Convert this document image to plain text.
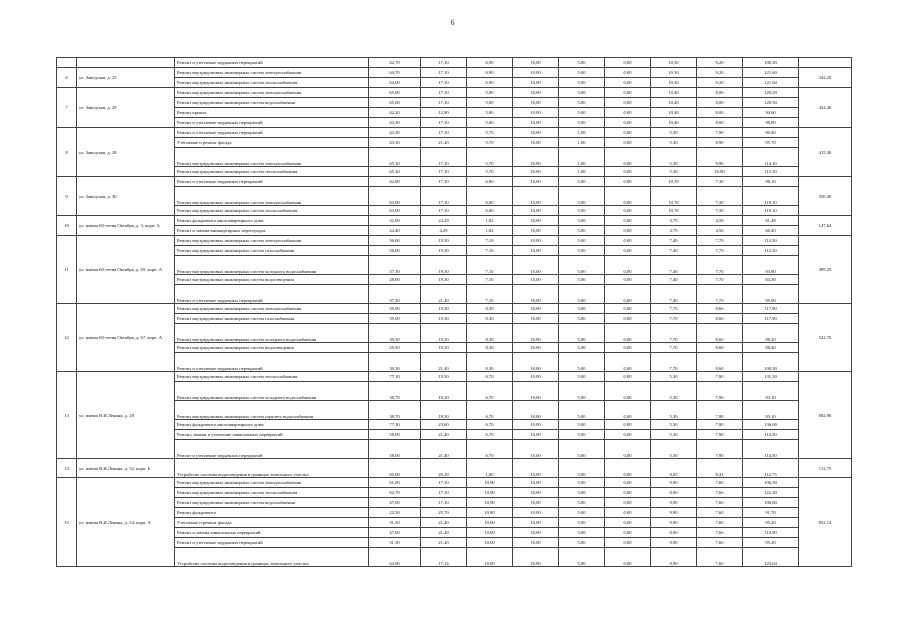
6
		Ремонт и утепление чердачных перекрытий	42,70	17,10	6,90	10,00	5,00	0,00	10,30	9,20	100,30	
6	ул. Заводская, д. 25	Ремонт внутридомовых инженерных систем электроснабжения	64,70	17,10	6,90	10,00	5,00	0,00	10,30	9,20	121,60	342,20
		Ремонт внутридомовых инженерных систем теплоснабжения	64,00	17,10	6,90	10,00	5,00	0,00	10,30	9,20	121,60	
7	ул. Заводская, д. 29	Ремонт внутридомовых инженерных систем электроснабжения	65,00	17,10	5,00	10,00	5,00	0,00	10,40	8,00	120,50	434,40
		Ремонт внутридомовых инженерных систем водоснабжения	65,00	17,10	5,00	10,00	5,00	0,00	10,40	8,00	120,50	
		Ремонт крыши	42,20	12,90	5,00	10,00	5,00	0,00	10,40	8,00	94,60	
		Ремонт и утепление чердачных перекрытий	43,30	17,10	5,00	10,00	5,00	0,00	10,40	8,00	98,80	
8	ул. Заводская, д. 28	Ремонт и утепление чердачных перекрытий	43,30	17,10	5,70	10,00	1,00	0,00	5,30	7,90	90,40	415,30
		Утепление и ремонт фасада	43,30	21,40	5,70	10,00	1,00	0,00	5,30	8,90	95,70	
		Ремонт внутридомовых инженерных систем электроснабжения	65,30	17,10	5,70	10,00	1,00	0,00	5,30	9,90	114,10	
		Ремонт внутридомовых инженерных систем теплоснабжения	65,30	17,10	5,70	10,00	1,00	0,00	5,30	10,80	115,10	
9	ул. Заводская, д. 30	Ремонт и утепление чердачных перекрытий	42,90	17,10	6,00	10,00	5,00	0,00	10,70	7,30	98,10	356,30
		Ремонт внутридомовых инженерных систем электроснабжения	63,90	17,10	6,00	10,00	5,00	0,00	10,70	7,30	119,10	
		Ремонт внутридомовых инженерных систем теплоснабжения	63,90	17,10	6,00	10,00	5,00	0,00	10,70	7,30	119,10	
10	ул. имени 60-летия Октября, д. 3, корп. А	Ремонт фундамента многоквартирного дома	32,00	24,29	1,82	10,00	5,00	0,00	3,79	4,58	81,48	147,64
		Ремонт и замена внеквартирных перегородок	24,40	4,29	1,82	10,00	5,00	0,00	4,79	4,56	66,40	
11	ул. имени 60-летия Октября, д. 65, корп. А	Ремонт внутридомовых инженерных систем электроснабжения	56,00	19,30	7,10	10,00	5,00	0,00	7,40	7,70	112,50	499,29
		Ремонт внутридомовых инженерных систем газоснабжения	56,00	19,30	7,10	10,00	5,00	0,00	7,40	7,70	112,50	
		Ремонт внутридомовых инженерных систем холодного водоснабжения	37,50	19,30	7,10	10,00	5,00	0,00	7,40	7,70	93,80	
		Ремонт внутридомовых инженерных систем водоотведения	28,00	19,30	7,10	10,00	5,00	0,00	7,40	7,70	84,30	
		Ремонт и утепление чердачных перекрытий	37,30	21,40	7,10	10,00	5,00	0,00	7,40	7,70	95,90	
12	ул. имени 60-летия Октября, д. 67, корп. А	Ремонт внутридомовых инженерных систем электроснабжения	59,00	19,30	8,30	10,00	5,00	0,00	7,70	8,60	117,90	522,70
		Ремонт внутридомовых инженерных систем газоснабжения	59,00	19,30	8,30	10,00	5,00	0,00	7,70	8,60	117,90	
		Ремонт внутридомовых инженерных систем холодного водоснабжения	39,30	19,30	8,30	10,00	5,00	0,00	7,70	8,60	98,20	
		Ремонт внутридомовых инженерных систем водоотведения	29,50	19,30	8,30	10,00	5,00	0,00	7,70	8,60	88,40	
		Ремонт и утепление чердачных перекрытий	39,30	21,40	8,30	10,00	5,00	0,00	7,70	8,60	100,30	
13	ул. имени В.И.Ленина, д. 28	Ремонт внутридомовых инженерных систем теплоснабжения	77,10	19,30	6,70	10,00	5,00	0,00	5,30	7,90	131,30	682,90
		Ремонт внутридомовых инженерных систем холодного водоснабжения	38,70	19,30	6,70	10,00	5,00	0,00	5,30	7,90	93,10	
		Ремонт внутридомовых инженерных систем горячего водоснабжения	38,70	19,30	6,70	10,00	5,00	0,00	5,30	7,90	93,10	
		Ремонт фундамента многоквартирного дома	77,30	23,60	6,70	10,00	5,00	0,00	5,30	7,90	136,00	
		Ремонт, замена и утепление аннкоальных перекрытий	58,00	21,40	6,70	10,00	5,00	0,00	5,30	7,90	114,50	
		Ремонт и утепление чердачных перекрытий	58,00	21,40	6,70	10,00	5,00	0,00	5,30	7,90	114,50	
14	ул. имени В.И.Ленина, д. 52, корп. Б	Устройство системы водоотведения в границах земельного участка	60,00	29,29	1,00	10,00	5,00	0,00	9,05	8,41	112,75	112,75
15	ул. имени В.И.Ленина, д. 54, корп. А	Ремонт внутридомовых инженерных систем электроснабжения	61,00	17,10	10,90	10,00	5,00	0,00	9,90	7,60	106,50	852,14
		Ремонт внутридомовых инженерных систем теплоснабжения	62,70	17,10	10,90	10,00	5,00	0,00	9,90	7,60	122,30	
		Ремонт внутридомовых инженерных систем водоснабжения	47,00	17,10	10,90	10,00	5,00	0,00	9,90	7,60	106,60	
		Ремонт фундамента	22,50	25,70	10,80	10,00	5,00	0,00	9,90	7,60	91,70	
		Утепление и ремонт фасада	31,30	21,40	10,00	10,00	5,00	0,00	9,90	7,60	95,20	
		Ремонт и замена аннкоальных перекрытий	47,00	21,40	10,00	10,00	5,00	0,00	9,90	7,60	110,90	
		Ремонт и утепление чердачных перекрытий	31,30	21,40	10,00	10,00	5,00	0,00	9,90	7,60	95,20	
		Устройство системы водоотведения в границах земельного участка	64,00	17,14	10,00	10,00	5,00	0,00	9,90	7,60	123,64	
